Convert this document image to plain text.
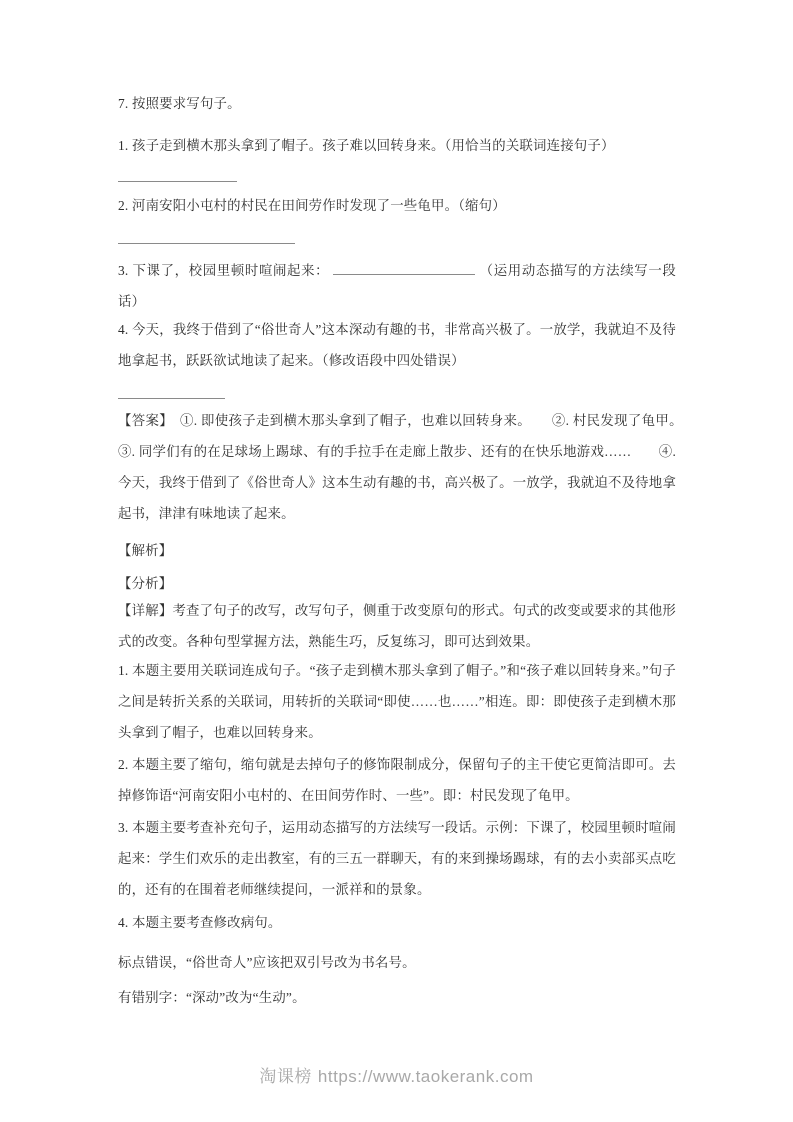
7. 按照要求写句子。

1. 孩子走到横木那头拿到了帽子。孩子难以回转身来。（用恰当的关联词连接句子）

2. 河南安阳小屯村的村民在田间劳作时发现了一些龟甲。（缩句）

3. 下课了，校园里顿时喧闹起来：	（运用动态描写的方法续写一段话）

4. 今天，我终于借到了“俗世奇人”这本深动有趣的书，非常高兴极了。一放学，我就迫不及待地拿起书，跃跃欲试地读了起来。（修改语段中四处错误）

【答案】　①. 即使孩子走到横木那头拿到了帽子，也难以回转身来。　　②. 村民发现了龟甲。　　③. 同学们有的在足球场上踢球、有的手拉手在走廊上散步、还有的在快乐地游戏……　　④. 今天，我终于借到了《俗世奇人》这本生动有趣的书，高兴极了。一放学，我就迫不及待地拿起书，津津有味地读了起来。

【解析】

【分析】

【详解】考查了句子的改写，改写句子，侧重于改变原句的形式。句式的改变或要求的其他形式的改变。各种句型掌握方法，熟能生巧，反复练习，即可达到效果。

1. 本题主要用关联词连成句子。“孩子走到横木那头拿到了帽子。”和“孩子难以回转身来。”句子之间是转折关系的关联词，用转折的关联词“即使……也……”相连。即：即使孩子走到横木那头拿到了帽子，也难以回转身来。

2. 本题主要了缩句，缩句就是去掉句子的修饰限制成分，保留句子的主干使它更简洁即可。去掉修饰语“河南安阳小屯村的、在田间劳作时、一些”。即：村民发现了龟甲。

3. 本题主要考查补充句子，运用动态描写的方法续写一段话。示例：下课了，校园里顿时喧闹起来：学生们欢乐的走出教室，有的三五一群聊天，有的来到操场踢球，有的去小卖部买点吃的，还有的在围着老师继续提问，一派祥和的景象。

4. 本题主要考查修改病句。

标点错误，“俗世奇人”应该把双引号改为书名号。

有错别字：“深动”改为“生动”。

淘课榜 https://www.taokerank.com
